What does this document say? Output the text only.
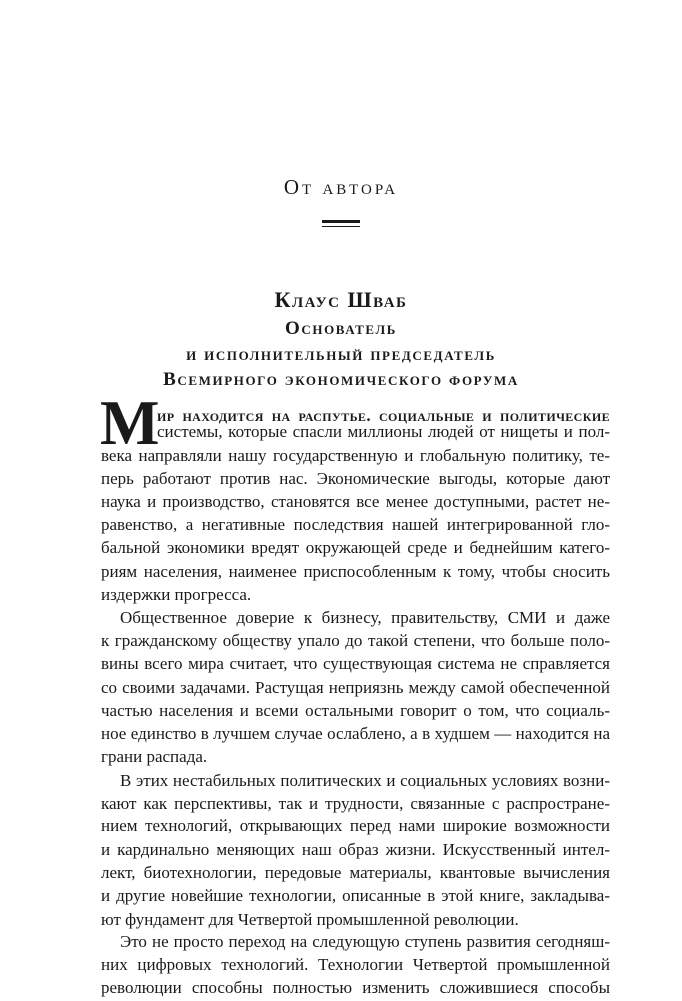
От автора
Клаус Шваб
Основатель
и исполнительный председатель
Всемирного экономического форума
М
ир находится на распутье. социальные и политические
системы, которые спасли миллионы людей от нищеты и пол-
века направляли нашу государственную и глобальную политику, те-
перь работают против нас. Экономические выгоды, которые дают
наука и производство, становятся все менее доступными, растет не-
равенство, а негативные последствия нашей интегрированной гло-
бальной экономики вредят окружающей среде и беднейшим катего-
риям населения, наименее приспособленным к тому, чтобы сносить
издержки прогресса.
Общественное доверие к бизнесу, правительству, СМИ и даже
к гражданскому обществу упало до такой степени, что больше поло-
вины всего мира считает, что существующая система не справляется
со своими задачами. Растущая неприязнь между самой обеспеченной
частью населения и всеми остальными говорит о том, что социаль-
ное единство в лучшем случае ослаблено, а в худшем — находится на
грани распада.
В этих нестабильных политических и социальных условиях возни-
кают как перспективы, так и трудности, связанные с распростране-
нием технологий, открывающих перед нами широкие возможности
и кардинально меняющих наш образ жизни. Искусственный интел-
лект, биотехнологии, передовые материалы, квантовые вычисления
и другие новейшие технологии, описанные в этой книге, закладыва-
ют фундамент для Четвертой промышленной революции.
Это не просто переход на следующую ступень развития сегодняш-
них цифровых технологий. Технологии Четвертой промышленной
революции способны полностью изменить сложившиеся способы
